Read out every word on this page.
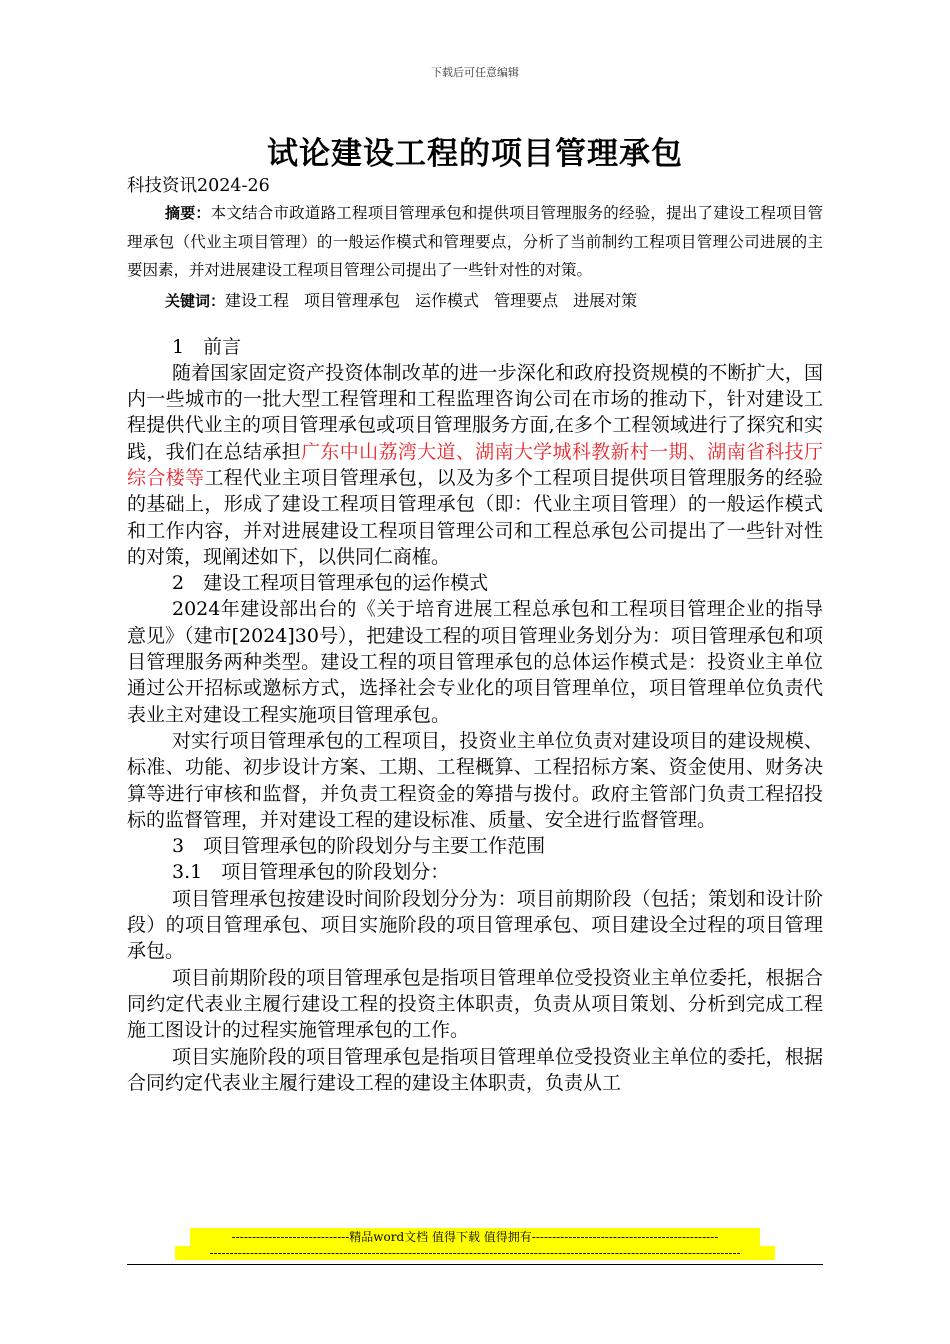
下载后可任意编辑
试论建设工程的项目管理承包
科技资讯2024-26
摘要：本文结合市政道路工程项目管理承包和提供项目管理服务的经验，提出了建设工程项目管理承包（代业主项目管理）的一般运作模式和管理要点，分析了当前制约工程项目管理公司进展的主要因素，并对进展建设工程项目管理公司提出了一些针对性的对策。
关键词：建设工程 项目管理承包 运作模式 管理要点 进展对策
1　前言
随着国家固定资产投资体制改革的进一步深化和政府投资规模的不断扩大，国内一些城市的一批大型工程管理和工程监理咨询公司在市场的推动下，针对建设工程提供代业主的项目管理承包或项目管理服务方面,在多个工程领域进行了探究和实践，我们在总结承担广东中山荔湾大道、湖南大学城科教新村一期、湖南省科技厅综合楼等工程代业主项目管理承包，以及为多个工程项目提供项目管理服务的经验的基础上，形成了建设工程项目管理承包（即：代业主项目管理）的一般运作模式和工作内容，并对进展建设工程项目管理公司和工程总承包公司提出了一些针对性的对策，现阐述如下，以供同仁商榷。
2　建设工程项目管理承包的运作模式
2024年建设部出台的《关于培育进展工程总承包和工程项目管理企业的指导意见》（建市[2024]30号），把建设工程的项目管理业务划分为：项目管理承包和项目管理服务两种类型。建设工程的项目管理承包的总体运作模式是：投资业主单位通过公开招标或邀标方式，选择社会专业化的项目管理单位，项目管理单位负责代表业主对建设工程实施项目管理承包。
对实行项目管理承包的工程项目，投资业主单位负责对建设项目的建设规模、标准、功能、初步设计方案、工期、工程概算、工程招标方案、资金使用、财务决算等进行审核和监督，并负责工程资金的筹措与拨付。政府主管部门负责工程招投标的监督管理，并对建设工程的建设标准、质量、安全进行监督管理。
3　项目管理承包的阶段划分与主要工作范围
3.1　项目管理承包的阶段划分：
项目管理承包按建设时间阶段划分分为：项目前期阶段（包括；策划和设计阶段）的项目管理承包、项目实施阶段的项目管理承包、项目建设全过程的项目管理承包。
项目前期阶段的项目管理承包是指项目管理单位受投资业主单位委托，根据合同约定代表业主履行建设工程的投资主体职责，负责从项目策划、分析到完成工程施工图设计的过程实施管理承包的工作。
项目实施阶段的项目管理承包是指项目管理单位受投资业主单位的委托，根据合同约定代表业主履行建设工程的建设主体职责，负责从工
-----------------------------精品word文档 值得下载 值得拥有----------------------------------------------
-----------------------------------------------------------------------------------------------------------------------------------
